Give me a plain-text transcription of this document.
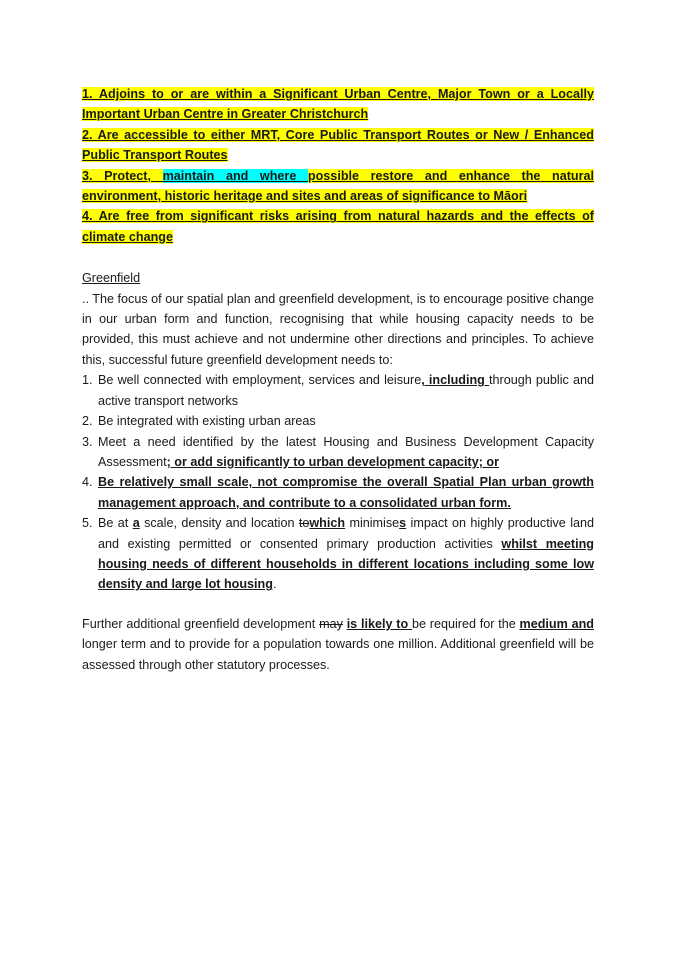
1. Adjoins to or are within a Significant Urban Centre, Major Town or a Locally Important Urban Centre in Greater Christchurch

2. Are accessible to either MRT, Core Public Transport Routes or New / Enhanced Public Transport Routes

3. Protect, maintain and where possible restore and enhance the natural environment, historic heritage and sites and areas of significance to Māori

4. Are free from significant risks arising from natural hazards and the effects of climate change

Greenfield

.. The focus of our spatial plan and greenfield development, is to encourage positive change in our urban form and function, recognising that while housing capacity needs to be provided, this must achieve and not undermine other directions and principles. To achieve this, successful future greenfield development needs to:

1. Be well connected with employment, services and leisure, including through public and active transport networks
2. Be integrated with existing urban areas
3. Meet a need identified by the latest Housing and Business Development Capacity Assessment; or add significantly to urban development capacity; or
4. Be relatively small scale, not compromise the overall Spatial Plan urban growth management approach, and contribute to a consolidated urban form.
5. Be at a scale, density and location towhich minimises impact on highly productive land and existing permitted or consented primary production activities whilst meeting housing needs of different households in different locations including some low density and large lot housing.

Further additional greenfield development may is likely to be required for the medium and longer term and to provide for a population towards one million. Additional greenfield will be assessed through other statutory processes.
